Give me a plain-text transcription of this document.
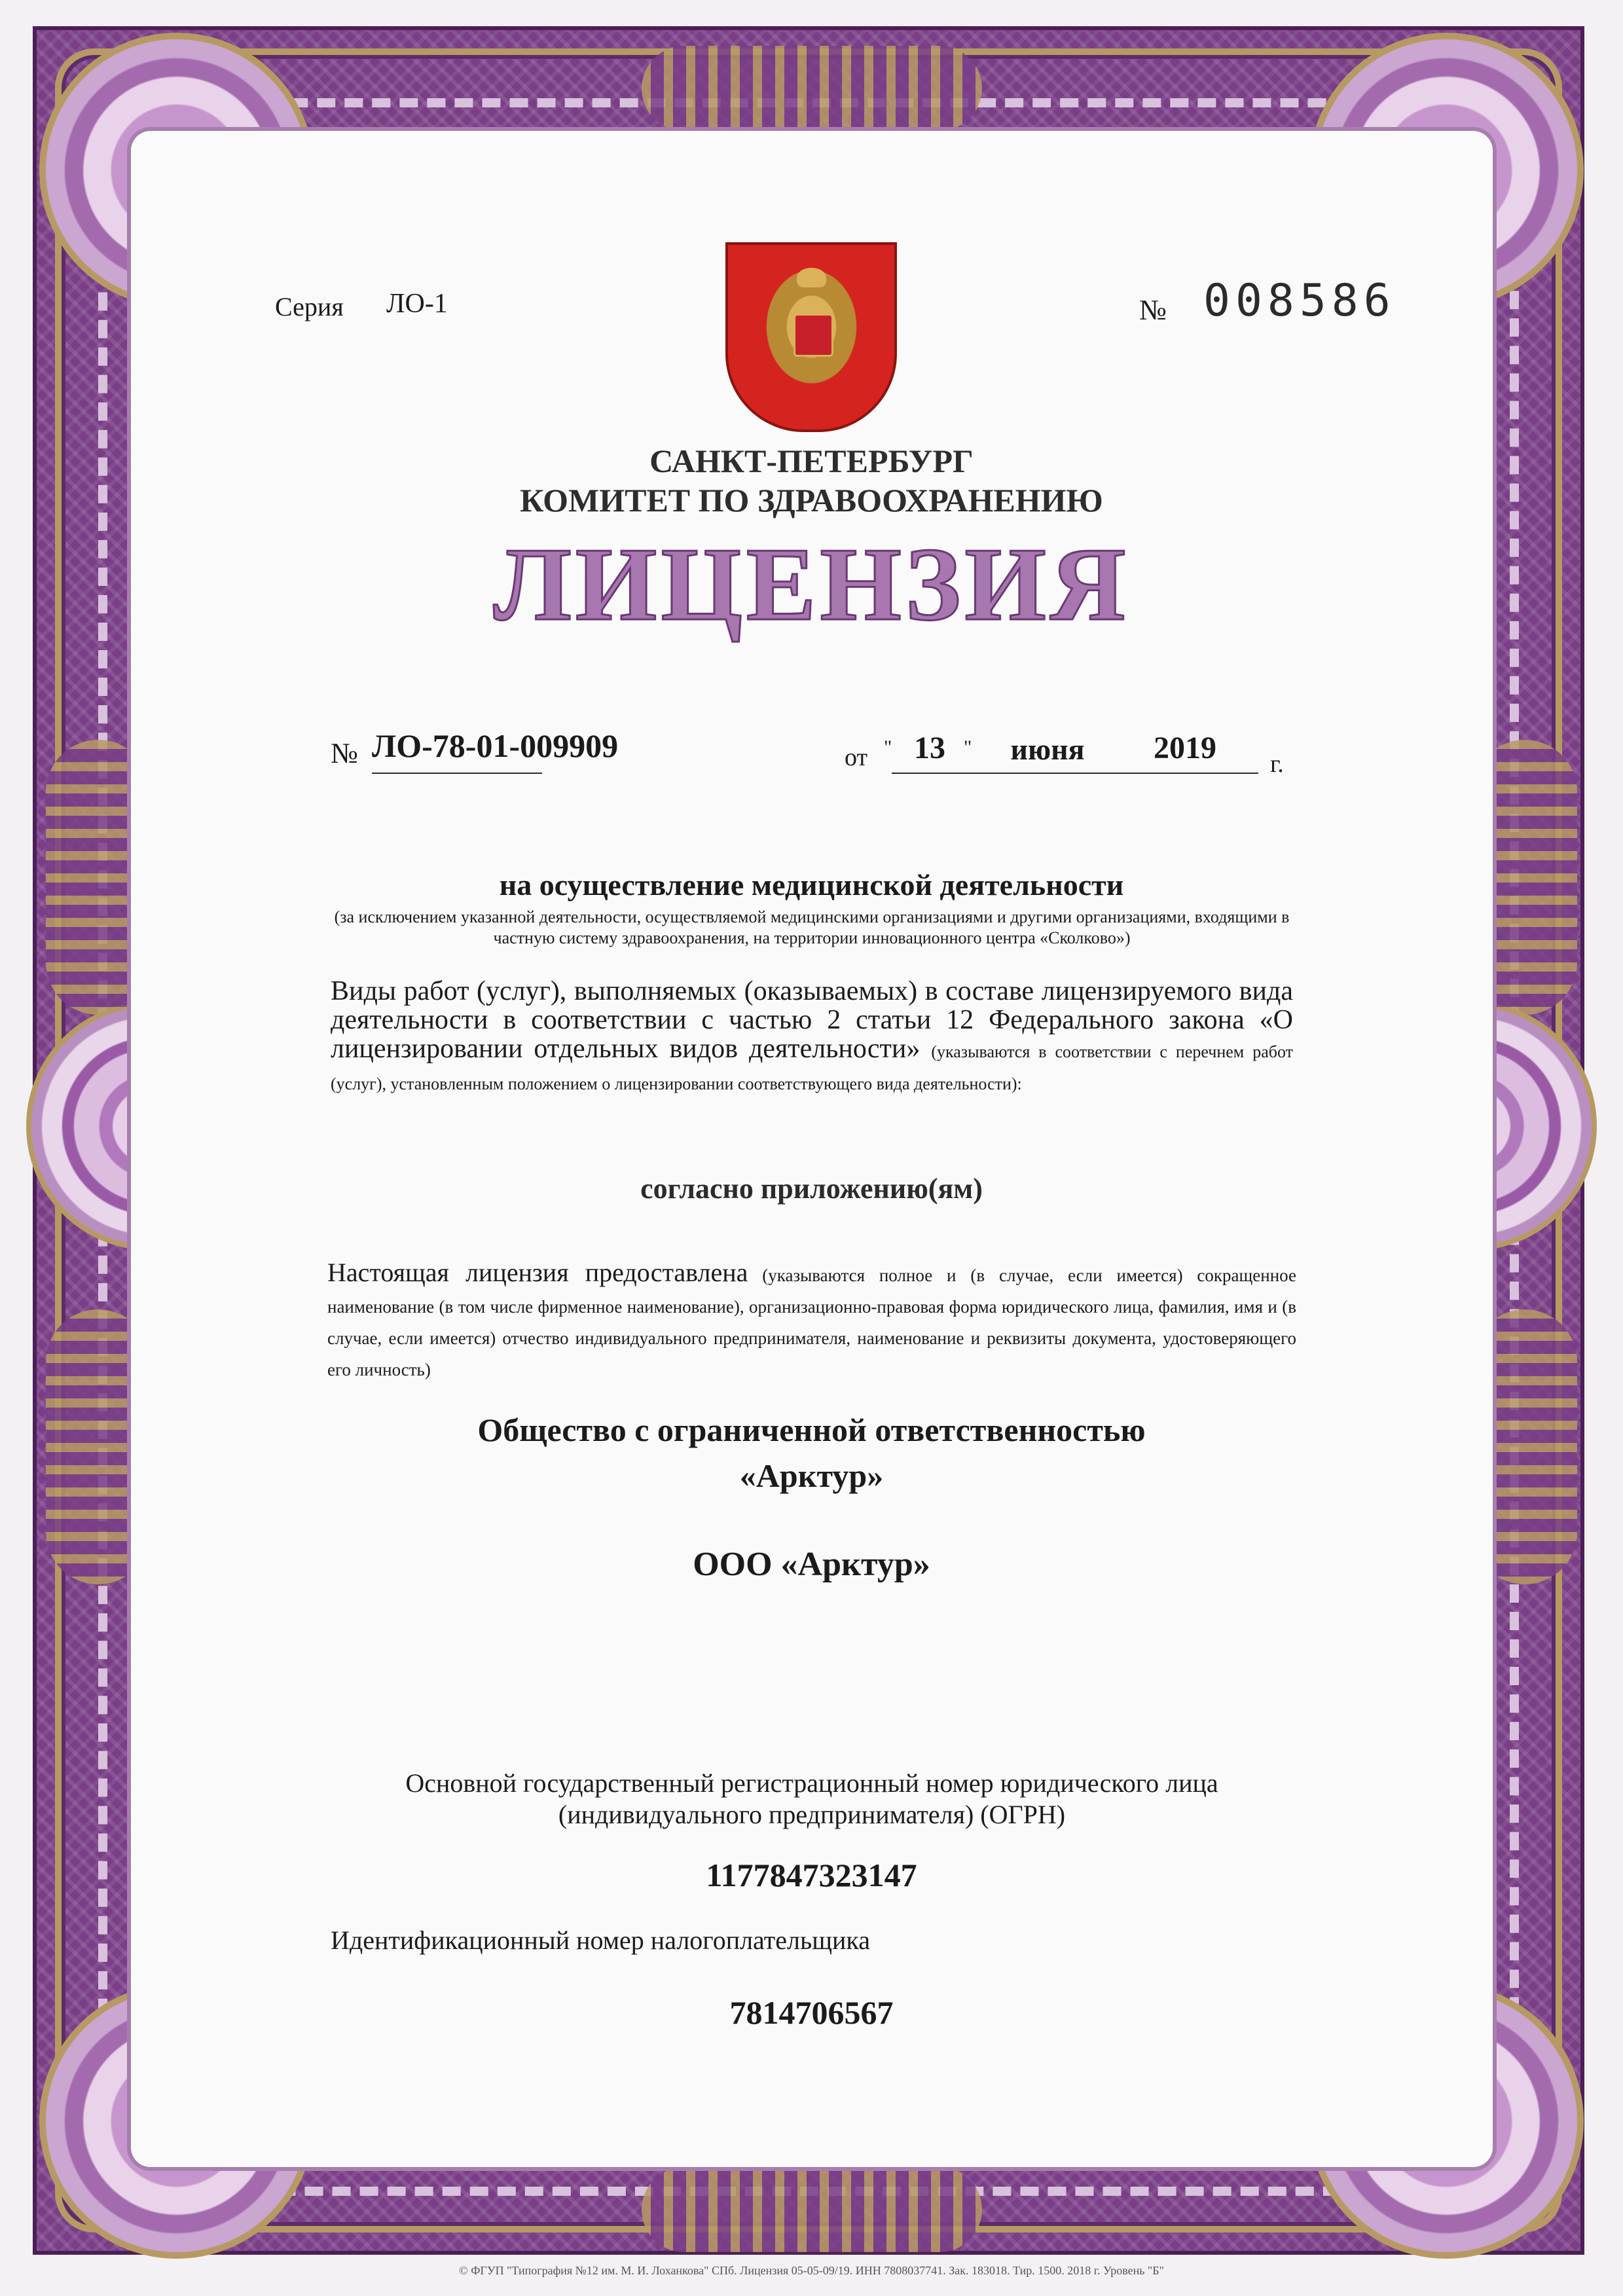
Серия ЛО-1	№ 008586
САНКТ-ПЕТЕРБУРГ
КОМИТЕТ ПО ЗДРАВООХРАНЕНИЮ
ЛИЦЕНЗИЯ
№ ЛО-78-01-009909	от " 13 "	июня	2019	г.
на осуществление медицинской деятельности
(за исключением указанной деятельности, осуществляемой медицинскими организациями и другими организациями, входящими в частную систему здравоохранения, на территории инновационного центра «Сколково»)
Виды работ (услуг), выполняемых (оказываемых) в составе лицензируемого вида деятельности в соответствии с частью 2 статьи 12 Федерального закона «О лицензировании отдельных видов деятельности» (указываются в соответствии с перечнем работ (услуг), установленным положением о лицензировании соответствующего вида деятельности):
согласно приложению(ям)
Настоящая лицензия предоставлена (указываются полное и (в случае, если имеется) сокращенное наименование (в том числе фирменное наименование), организационно-правовая форма юридического лица, фамилия, имя и (в случае, если имеется) отчество индивидуального предпринимателя, наименование и реквизиты документа, удостоверяющего его личность)
Общество с ограниченной ответственностью
«Арктур»
ООО «Арктур»
Основной государственный регистрационный номер юридического лица (индивидуального предпринимателя) (ОГРН)
1177847323147
Идентификационный номер налогоплательщика
7814706567
© ФГУП "Типография №12 им. М. И. Лоханкова" СПб. Лицензия 05-05-09/19. ИНН 7808037741. Зак. 183018. Тир. 1500. 2018 г. Уровень "Б"
